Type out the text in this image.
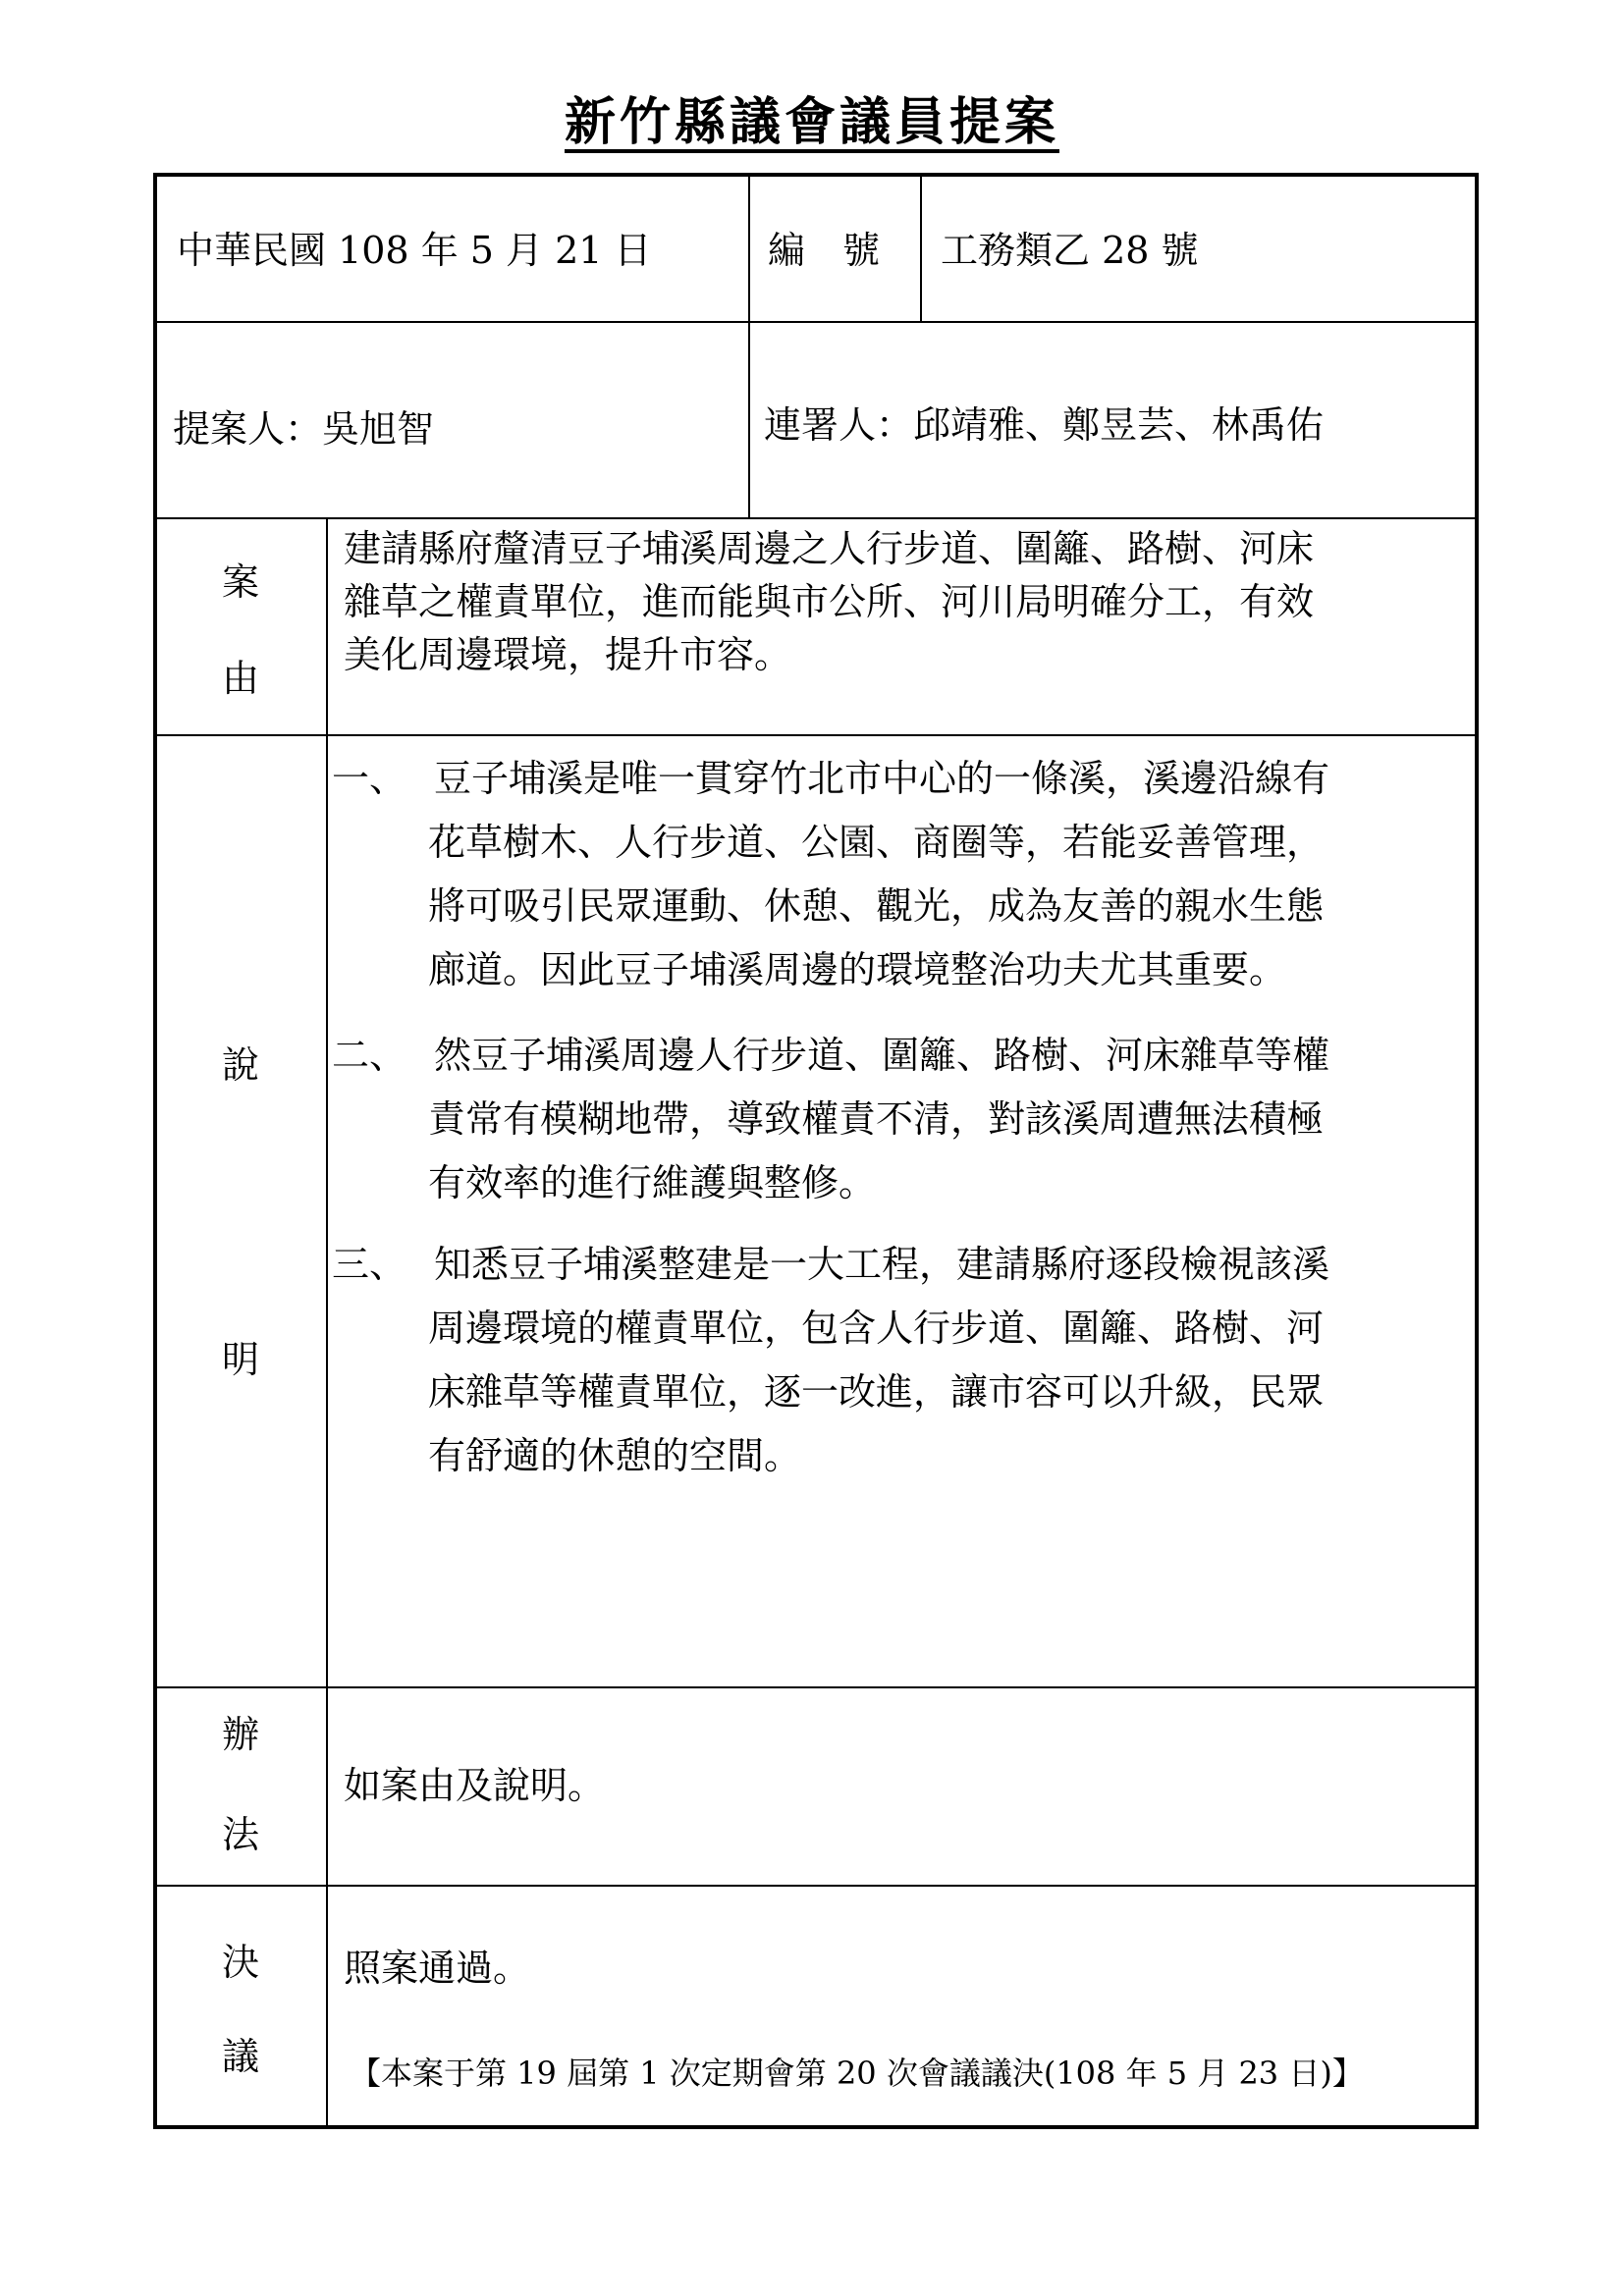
新竹縣議會議員提案
中華民國 108 年 5 月 21 日	編　號 工務類乙 28 號
提案人：吳旭智	連署人：邱靖雅、鄭昱芸、林禹佑
案
由
建請縣府釐清豆子埔溪周邊之人行步道、圍籬、路樹、河床
雜草之權責單位，進而能與市公所、河川局明確分工，有效
美化周邊環境，提升市容。
說
明
一、 豆子埔溪是唯一貫穿竹北市中心的一條溪，溪邊沿線有
花草樹木、人行步道、公園、商圈等，若能妥善管理，
將可吸引民眾運動、休憩、觀光，成為友善的親水生態
廊道。因此豆子埔溪周邊的環境整治功夫尤其重要。
二、 然豆子埔溪周邊人行步道、圍籬、路樹、河床雜草等權
責常有模糊地帶，導致權責不清，對該溪周遭無法積極
有效率的進行維護與整修。
三、 知悉豆子埔溪整建是一大工程，建請縣府逐段檢視該溪
周邊環境的權責單位，包含人行步道、圍籬、路樹、河
床雜草等權責單位，逐一改進，讓市容可以升級，民眾
有舒適的休憩的空間。
辦
法
如案由及說明。
決
議
照案通過。
【本案于第 19 屆第 1 次定期會第 20 次會議議決(108 年 5 月 23 日)】
